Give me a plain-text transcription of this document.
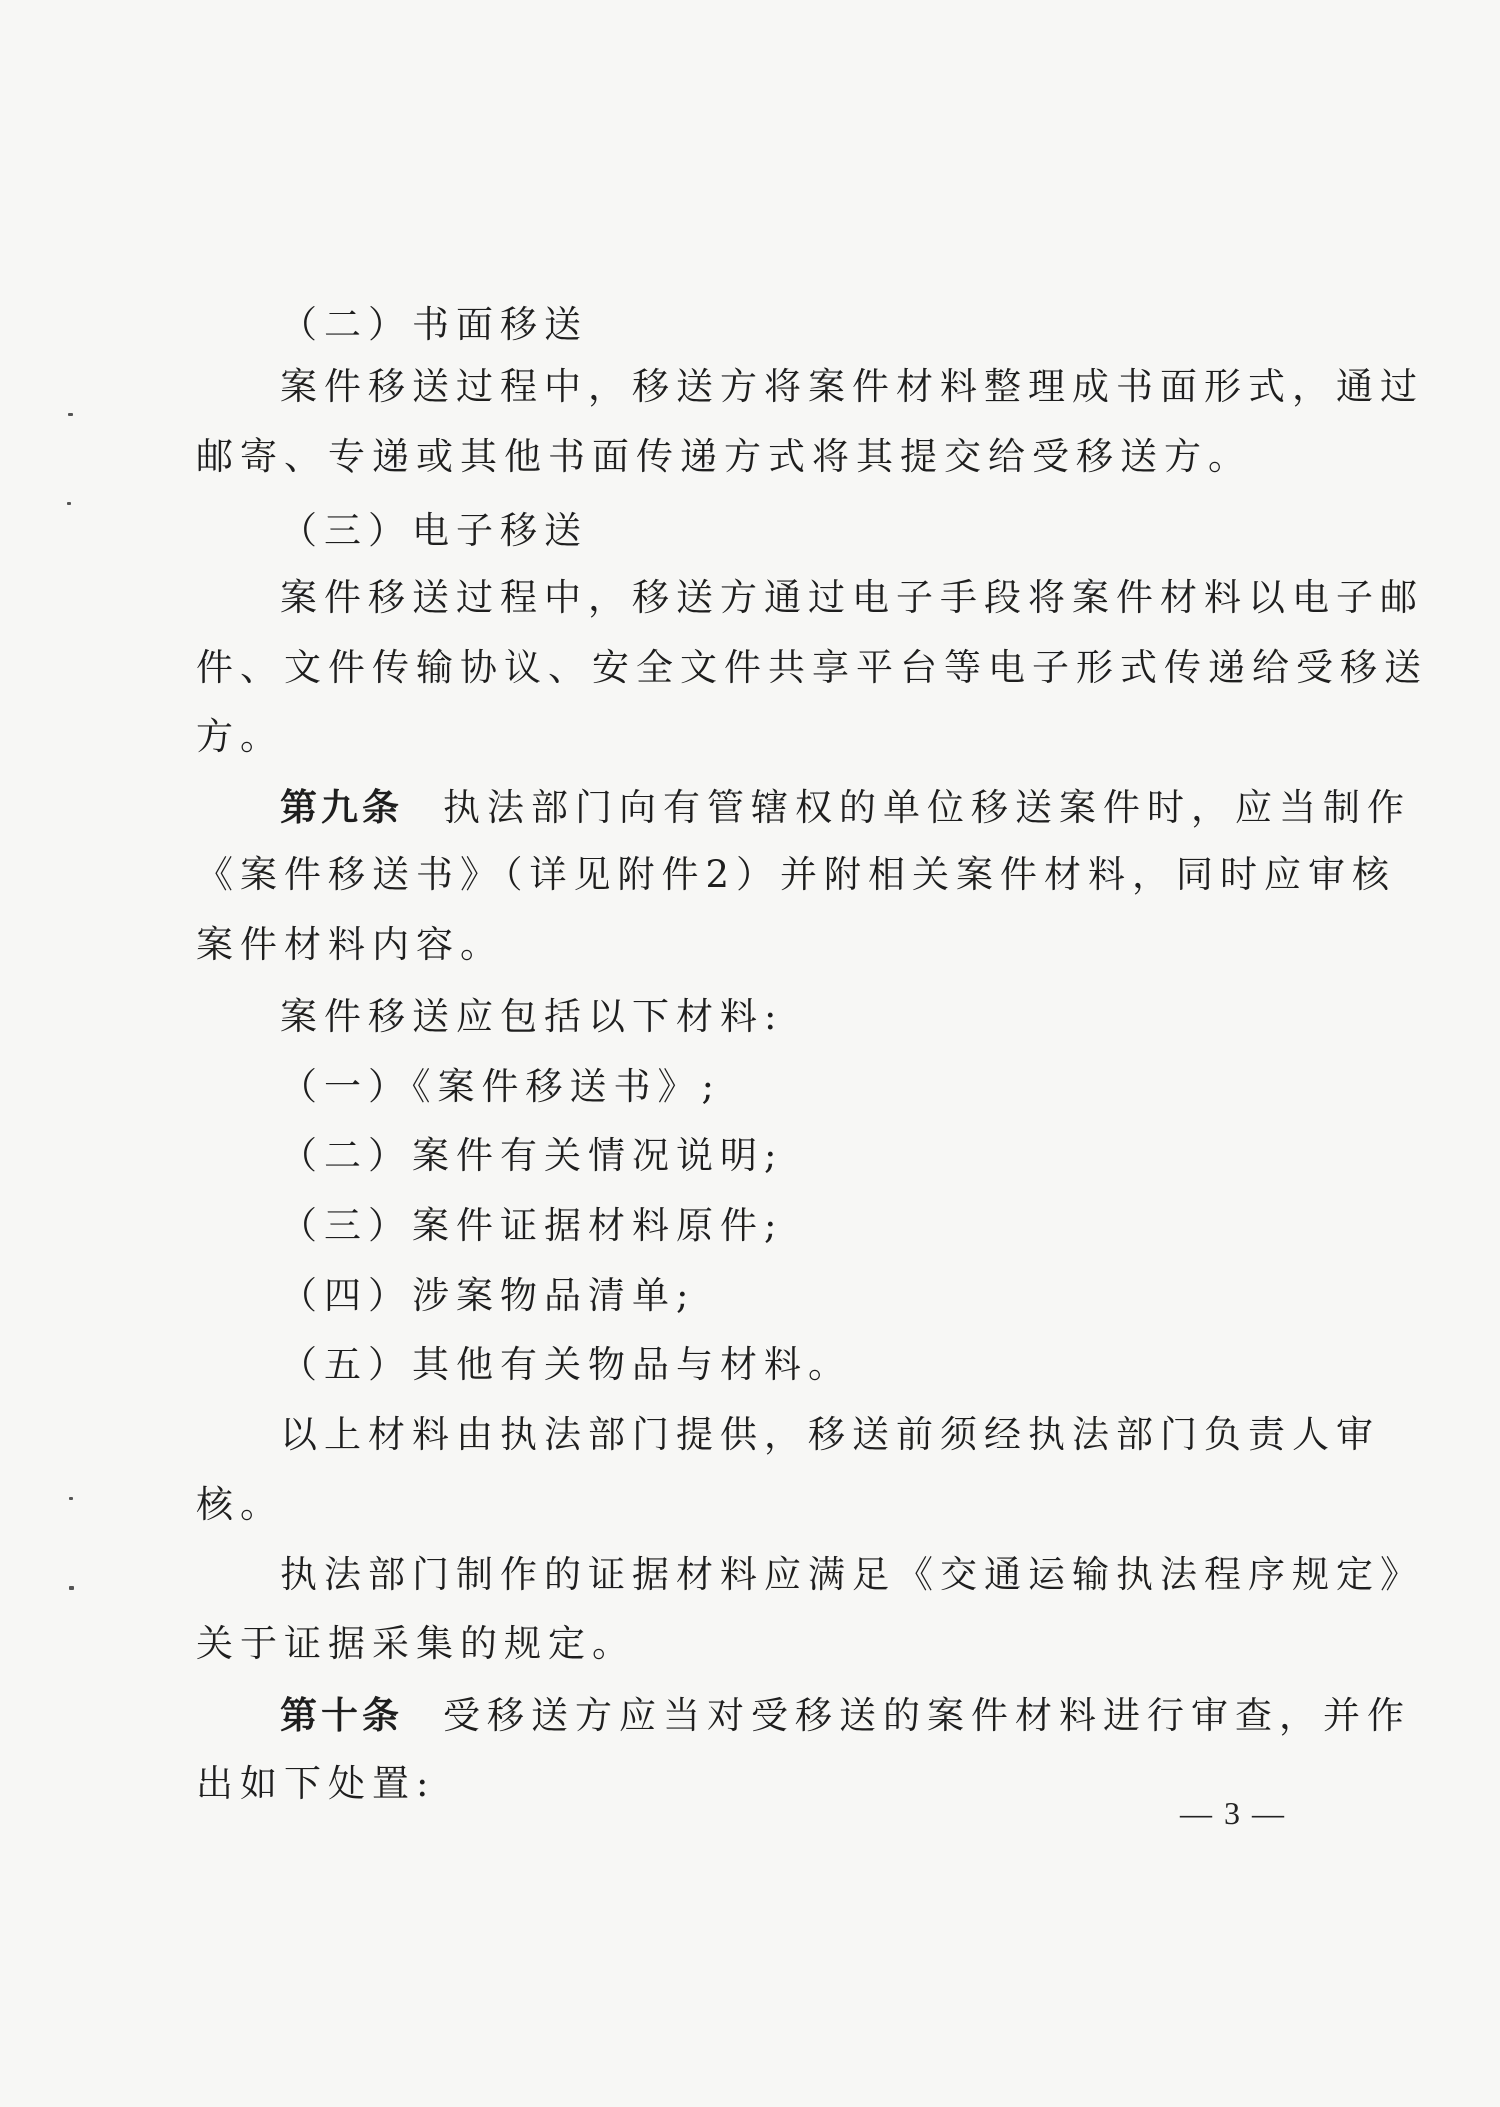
（二）书面移送
案件移送过程中，移送方将案件材料整理成书面形式，通过
邮寄、专递或其他书面传递方式将其提交给受移送方。
（三）电子移送
案件移送过程中，移送方通过电子手段将案件材料以电子邮
件、文件传输协议、安全文件共享平台等电子形式传递给受移送
方。
第九条 执法部门向有管辖权的单位移送案件时，应当制作
《案件移送书》（详见附件2）并附相关案件材料，同时应审核
案件材料内容。
案件移送应包括以下材料:
（一）《案件移送书》;
（二）案件有关情况说明;
（三）案件证据材料原件;
（四）涉案物品清单;
（五）其他有关物品与材料。
以上材料由执法部门提供，移送前须经执法部门负责人审
核。
执法部门制作的证据材料应满足《交通运输执法程序规定》
关于证据采集的规定。
第十条 受移送方应当对受移送的案件材料进行审查，并作
出如下处置:
— 3 —
